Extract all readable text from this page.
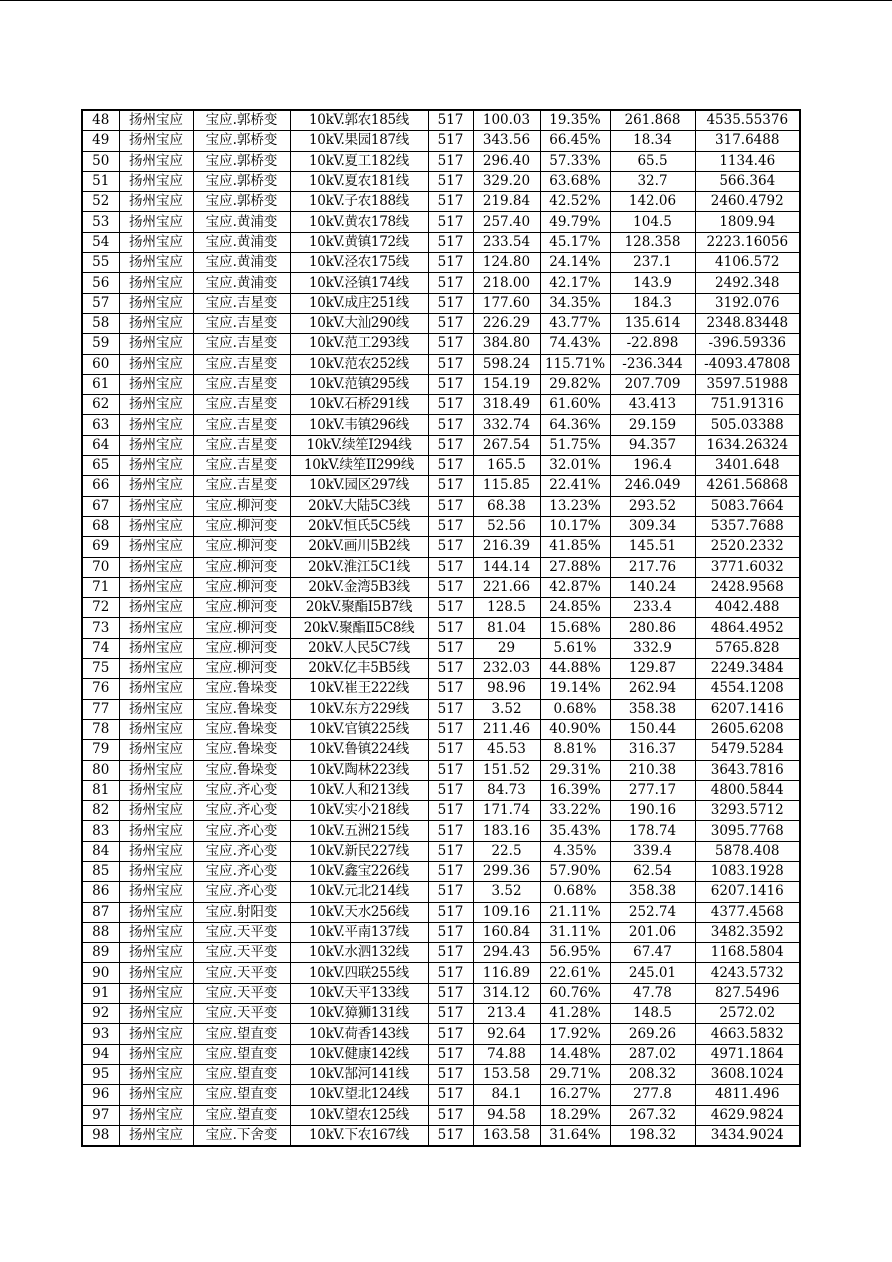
48	扬州宝应	宝应.郭桥变	10kV.郭农185线	517	100.03	19.35%	261.868	4535.55376
49	扬州宝应	宝应.郭桥变	10kV.果园187线	517	343.56	66.45%	18.34	317.6488
50	扬州宝应	宝应.郭桥变	10kV.夏工182线	517	296.40	57.33%	65.5	1134.46
51	扬州宝应	宝应.郭桥变	10kV.夏农181线	517	329.20	63.68%	32.7	566.364
52	扬州宝应	宝应.郭桥变	10kV.子农188线	517	219.84	42.52%	142.06	2460.4792
53	扬州宝应	宝应.黄浦变	10kV.黄农178线	517	257.40	49.79%	104.5	1809.94
54	扬州宝应	宝应.黄浦变	10kV.黄镇172线	517	233.54	45.17%	128.358	2223.16056
55	扬州宝应	宝应.黄浦变	10kV.泾农175线	517	124.80	24.14%	237.1	4106.572
56	扬州宝应	宝应.黄浦变	10kV.泾镇174线	517	218.00	42.17%	143.9	2492.348
57	扬州宝应	宝应.吉星变	10kV.成庄251线	517	177.60	34.35%	184.3	3192.076
58	扬州宝应	宝应.吉星变	10kV.大汕290线	517	226.29	43.77%	135.614	2348.83448
59	扬州宝应	宝应.吉星变	10kV.范工293线	517	384.80	74.43%	-22.898	-396.59336
60	扬州宝应	宝应.吉星变	10kV.范农252线	517	598.24	115.71%	-236.344	-4093.47808
61	扬州宝应	宝应.吉星变	10kV.范镇295线	517	154.19	29.82%	207.709	3597.51988
62	扬州宝应	宝应.吉星变	10kV.石桥291线	517	318.49	61.60%	43.413	751.91316
63	扬州宝应	宝应.吉星变	10kV.韦镇296线	517	332.74	64.36%	29.159	505.03388
64	扬州宝应	宝应.吉星变	10kV.续笙I294线	517	267.54	51.75%	94.357	1634.26324
65	扬州宝应	宝应.吉星变	10kV.续笙II299线	517	165.5	32.01%	196.4	3401.648
66	扬州宝应	宝应.吉星变	10kV.园区297线	517	115.85	22.41%	246.049	4261.56868
67	扬州宝应	宝应.柳河变	20kV.大陆5C3线	517	68.38	13.23%	293.52	5083.7664
68	扬州宝应	宝应.柳河变	20kV.恒氏5C5线	517	52.56	10.17%	309.34	5357.7688
69	扬州宝应	宝应.柳河变	20kV.画川5B2线	517	216.39	41.85%	145.51	2520.2332
70	扬州宝应	宝应.柳河变	20kV.淮江5C1线	517	144.14	27.88%	217.76	3771.6032
71	扬州宝应	宝应.柳河变	20kV.金湾5B3线	517	221.66	42.87%	140.24	2428.9568
72	扬州宝应	宝应.柳河变	20kV.聚酯Ⅰ5B7线	517	128.5	24.85%	233.4	4042.488
73	扬州宝应	宝应.柳河变	20kV.聚酯Ⅱ5C8线	517	81.04	15.68%	280.86	4864.4952
74	扬州宝应	宝应.柳河变	20kV.人民5C7线	517	29	5.61%	332.9	5765.828
75	扬州宝应	宝应.柳河变	20kV.亿丰5B5线	517	232.03	44.88%	129.87	2249.3484
76	扬州宝应	宝应.鲁垛变	10kV.崔王222线	517	98.96	19.14%	262.94	4554.1208
77	扬州宝应	宝应.鲁垛变	10kV.东方229线	517	3.52	0.68%	358.38	6207.1416
78	扬州宝应	宝应.鲁垛变	10kV.官镇225线	517	211.46	40.90%	150.44	2605.6208
79	扬州宝应	宝应.鲁垛变	10kV.鲁镇224线	517	45.53	8.81%	316.37	5479.5284
80	扬州宝应	宝应.鲁垛变	10kV.陶林223线	517	151.52	29.31%	210.38	3643.7816
81	扬州宝应	宝应.齐心变	10kV.人和213线	517	84.73	16.39%	277.17	4800.5844
82	扬州宝应	宝应.齐心变	10kV.实小218线	517	171.74	33.22%	190.16	3293.5712
83	扬州宝应	宝应.齐心变	10kV.五洲215线	517	183.16	35.43%	178.74	3095.7768
84	扬州宝应	宝应.齐心变	10kV.新民227线	517	22.5	4.35%	339.4	5878.408
85	扬州宝应	宝应.齐心变	10kV.鑫宝226线	517	299.36	57.90%	62.54	1083.1928
86	扬州宝应	宝应.齐心变	10kV.元北214线	517	3.52	0.68%	358.38	6207.1416
87	扬州宝应	宝应.射阳变	10kV.天水256线	517	109.16	21.11%	252.74	4377.4568
88	扬州宝应	宝应.天平变	10kV.平南137线	517	160.84	31.11%	201.06	3482.3592
89	扬州宝应	宝应.天平变	10kV.水泗132线	517	294.43	56.95%	67.47	1168.5804
90	扬州宝应	宝应.天平变	10kV.四联255线	517	116.89	22.61%	245.01	4243.5732
91	扬州宝应	宝应.天平变	10kV.天平133线	517	314.12	60.76%	47.78	827.5496
92	扬州宝应	宝应.天平变	10kV.獐狮131线	517	213.4	41.28%	148.5	2572.02
93	扬州宝应	宝应.望直变	10kV.荷香143线	517	92.64	17.92%	269.26	4663.5832
94	扬州宝应	宝应.望直变	10kV.健康142线	517	74.88	14.48%	287.02	4971.1864
95	扬州宝应	宝应.望直变	10kV.郜河141线	517	153.58	29.71%	208.32	3608.1024
96	扬州宝应	宝应.望直变	10kV.望北124线	517	84.1	16.27%	277.8	4811.496
97	扬州宝应	宝应.望直变	10kV.望农125线	517	94.58	18.29%	267.32	4629.9824
98	扬州宝应	宝应.下舍变	10kV.下农167线	517	163.58	31.64%	198.32	3434.9024
